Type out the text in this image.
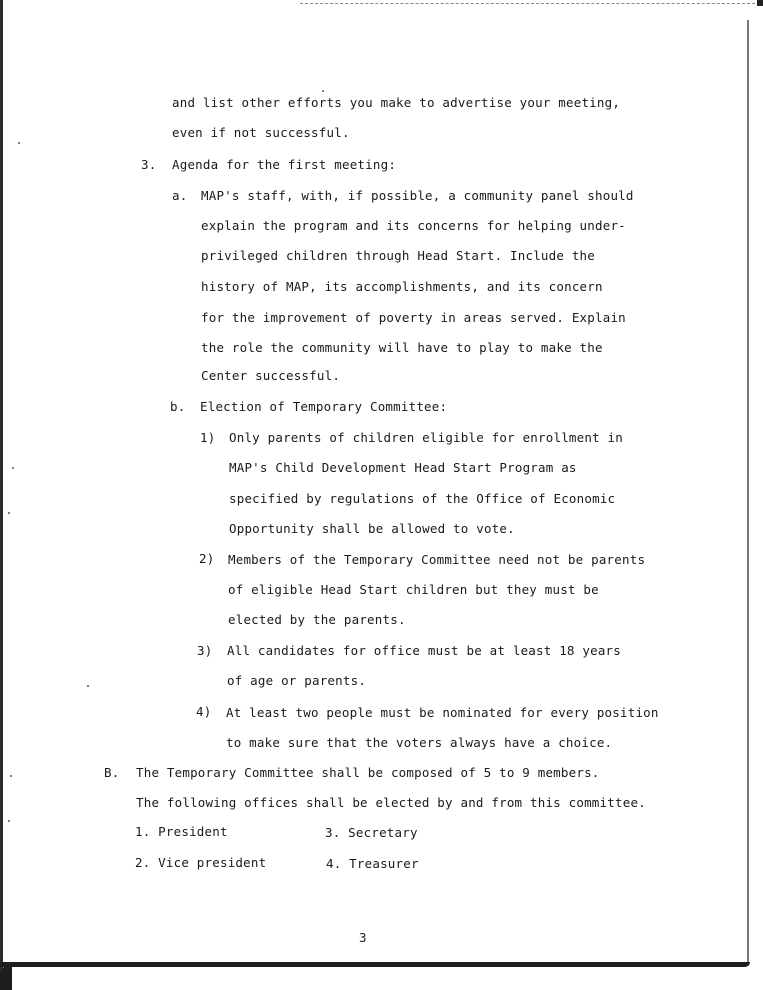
and list other efforts you make to advertise your meeting,
even if not successful.
3. Agenda for the first meeting:
a. MAP's staff, with, if possible, a community panel should
explain the program and its concerns for helping under-
privileged children through Head Start. Include the
history of MAP, its accomplishments, and its concern
for the improvement of poverty in areas served. Explain
the role the community will have to play to make the
Center successful.
b. Election of Temporary Committee:
1) Only parents of children eligible for enrollment in
MAP's Child Development Head Start Program as
specified by regulations of the Office of Economic
Opportunity shall be allowed to vote.
2) Members of the Temporary Committee need not be parents
of eligible Head Start children but they must be
elected by the parents.
3) All candidates for office must be at least 18 years
of age or parents.
4) At least two people must be nominated for every position
to make sure that the voters always have a choice.
B. The Temporary Committee shall be composed of 5 to 9 members.
The following offices shall be elected by and from this committee.
1. President	3. Secretary
2. Vice president	4. Treasurer
3
